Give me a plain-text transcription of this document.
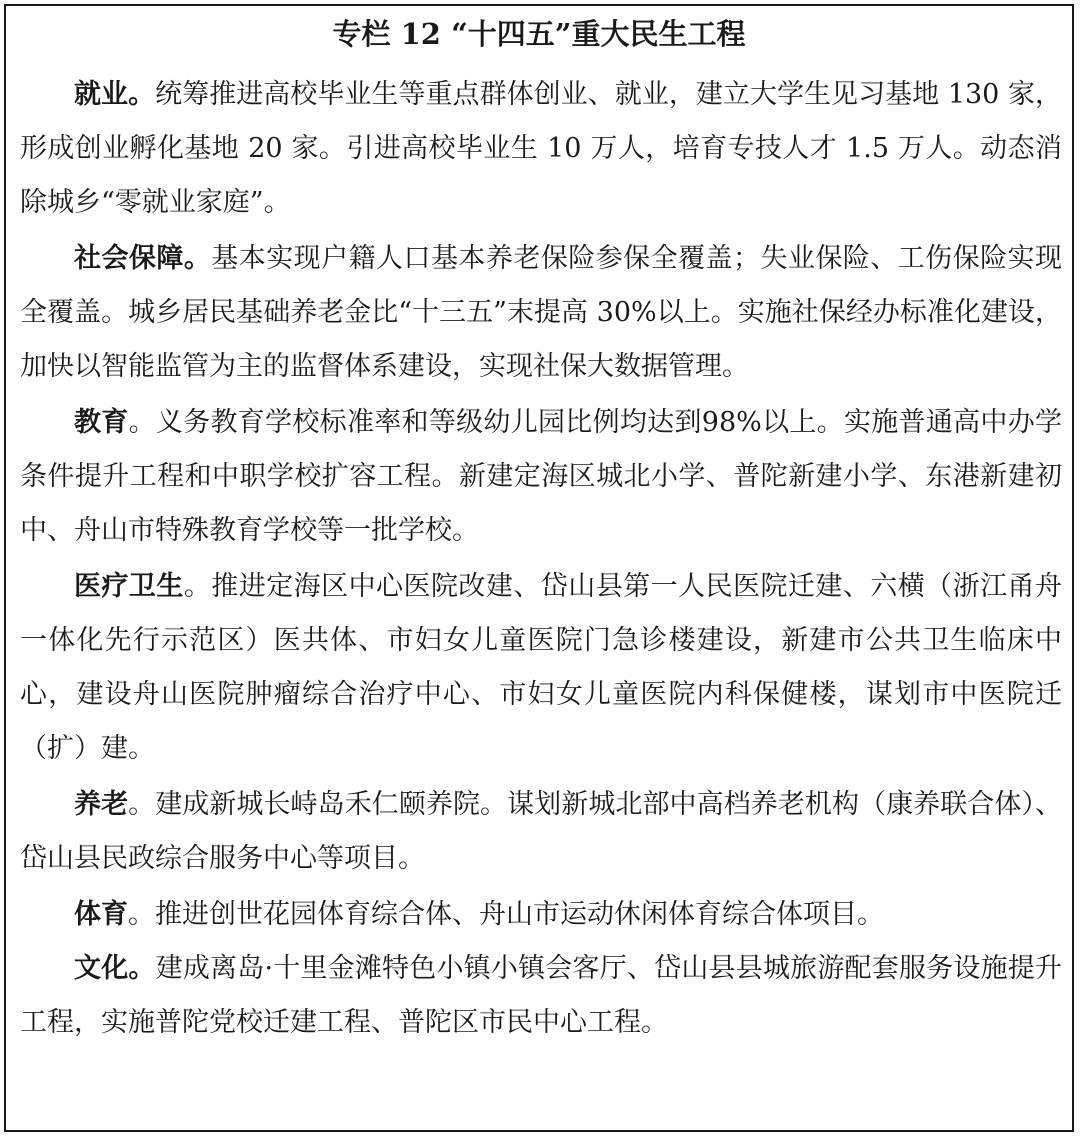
专栏 12 “十四五”重大民生工程

就业。统筹推进高校毕业生等重点群体创业、就业，建立大学生见习基地 130 家，形成创业孵化基地 20 家。引进高校毕业生 10 万人，培育专技人才 1.5 万人。动态消除城乡“零就业家庭”。

社会保障。基本实现户籍人口基本养老保险参保全覆盖；失业保险、工伤保险实现全覆盖。城乡居民基础养老金比“十三五”末提高 30%以上。实施社保经办标准化建设，加快以智能监管为主的监督体系建设，实现社保大数据管理。

教育。义务教育学校标准率和等级幼儿园比例均达到98%以上。实施普通高中办学条件提升工程和中职学校扩容工程。新建定海区城北小学、普陀新建小学、东港新建初中、舟山市特殊教育学校等一批学校。

医疗卫生。推进定海区中心医院改建、岱山县第一人民医院迁建、六横（浙江甬舟一体化先行示范区）医共体、市妇女儿童医院门急诊楼建设，新建市公共卫生临床中心，建设舟山医院肿瘤综合治疗中心、市妇女儿童医院内科保健楼，谋划市中医院迁（扩）建。

养老。建成新城长峙岛禾仁颐养院。谋划新城北部中高档养老机构（康养联合体）、岱山县民政综合服务中心等项目。

体育。推进创世花园体育综合体、舟山市运动休闲体育综合体项目。

文化。建成离岛·十里金滩特色小镇小镇会客厅、岱山县县城旅游配套服务设施提升工程，实施普陀党校迁建工程、普陀区市民中心工程。
